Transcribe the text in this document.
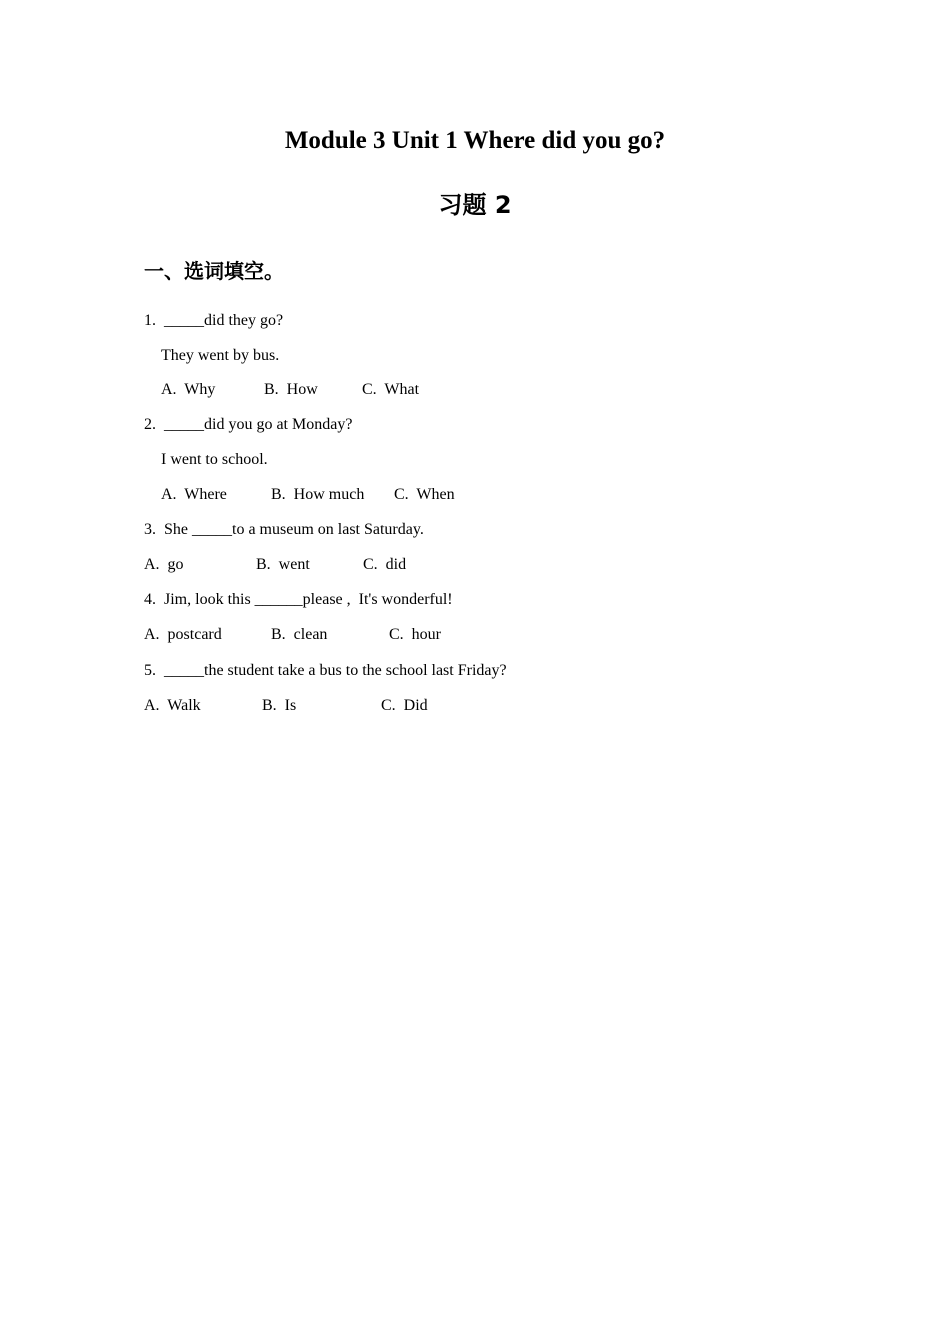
Module 3 Unit 1 Where did you go?
习题 2
一、选词填空。
1.  _____did they go?
They went by bus.
A.  Why	B.  How	C.  What
2.  _____did you go at Monday?
I went to school.
A.  Where	B.  How much C.  When
3.  She _____to a museum on last Saturday.
A.  go	B.  went	C.  did
4.  Jim, look this ______please ,  It's wonderful!
A.  postcard	B.  clean	C.  hour
5.  _____the student take a bus to the school last Friday?
A.  Walk	B.  Is	C.  Did
